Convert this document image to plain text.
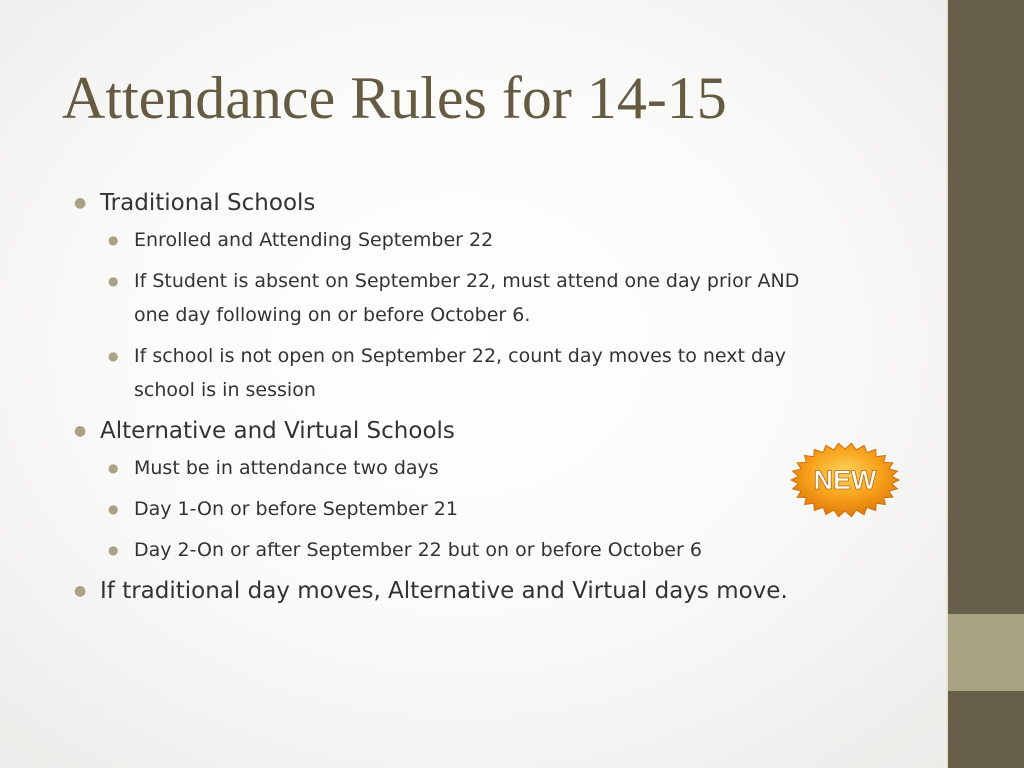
Attendance Rules for 14-15
● Traditional Schools
● Enrolled and Attending September 22
● If Student is absent on September 22, must attend one day prior AND one day following on or before October 6.
● If school is not open on September 22, count day moves to next day school is in session
● Alternative and Virtual Schools
● Must be in attendance two days
● Day 1-On or before September 21
● Day 2-On or after September 22 but on or before October 6
● If traditional day moves, Alternative and Virtual days move.
NEW
